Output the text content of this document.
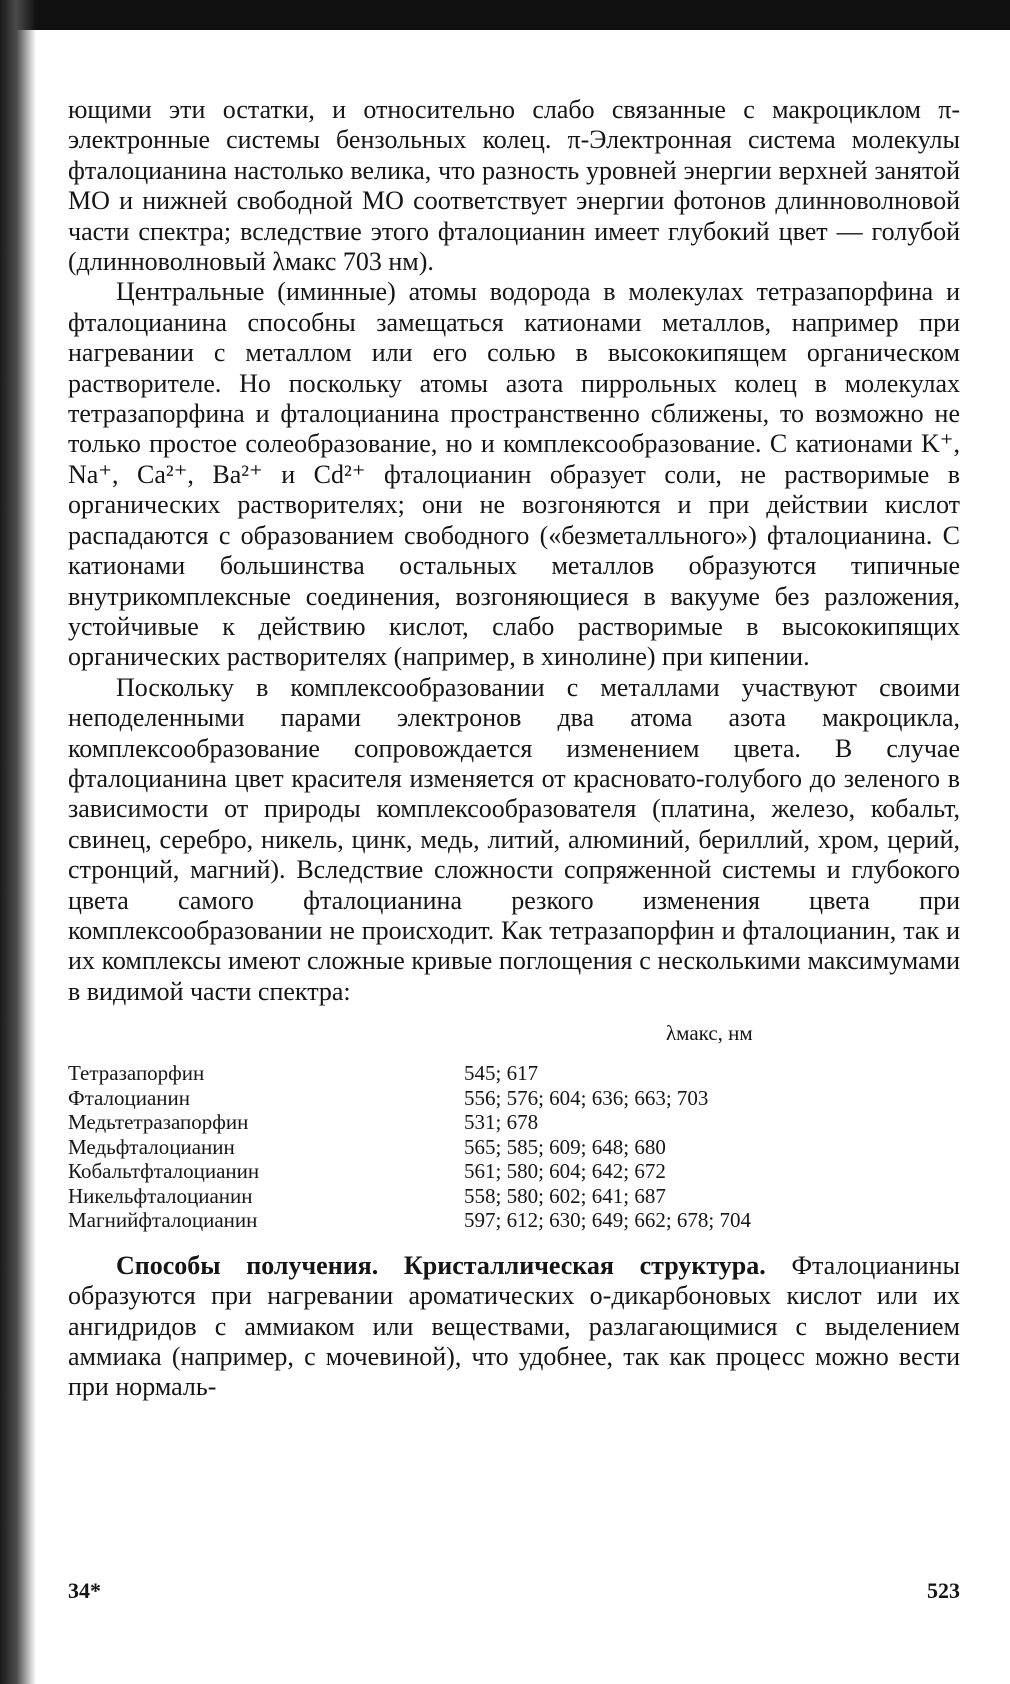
ющими эти остатки, и относительно слабо связанные с макроциклом π-электронные системы бензольных колец. π-Электронная система молекулы фталоцианина настолько велика, что разность уровней энергии верхней занятой МО и нижней свободной МО соответствует энергии фотонов длинноволновой части спектра; вследствие этого фталоцианин имеет глубокий цвет — голубой (длинноволновый λмакс 703 нм).

Центральные (иминные) атомы водорода в молекулах тетразапорфина и фталоцианина способны замещаться катионами металлов, например при нагревании с металлом или его солью в высококипящем органическом растворителе. Но поскольку атомы азота пиррольных колец в молекулах тетразапорфина и фталоцианина пространственно сближены, то возможно не только простое солеобразование, но и комплексообразование. С катионами K⁺, Na⁺, Ca²⁺, Ba²⁺ и Cd²⁺ фталоцианин образует соли, не растворимые в органических растворителях; они не возгоняются и при действии кислот распадаются с образованием свободного («безметалльного») фталоцианина. С катионами большинства остальных металлов образуются типичные внутрикомплексные соединения, возгоняющиеся в вакууме без разложения, устойчивые к действию кислот, слабо растворимые в высококипящих органических растворителях (например, в хинолине) при кипении.

Поскольку в комплексообразовании с металлами участвуют своими неподеленными парами электронов два атома азота макроцикла, комплексообразование сопровождается изменением цвета. В случае фталоцианина цвет красителя изменяется от красновато-голубого до зеленого в зависимости от природы комплексообразователя (платина, железо, кобальт, свинец, серебро, никель, цинк, медь, литий, алюминий, бериллий, хром, церий, стронций, магний). Вследствие сложности сопряженной системы и глубокого цвета самого фталоцианина резкого изменения цвета при комплексообразовании не происходит. Как тетразапорфин и фталоцианин, так и их комплексы имеют сложные кривые поглощения с несколькими максимумами в видимой части спектра:

λмакс, нм
Тетразапорфин	545; 617
Фталоцианин	556; 576; 604; 636; 663; 703
Медьтетразапорфин	531; 678
Медьфталоцианин	565; 585; 609; 648; 680
Кобальтфталоцианин	561; 580; 604; 642; 672
Никельфталоцианин	558; 580; 602; 641; 687
Магнийфталоцианин	597; 612; 630; 649; 662; 678; 704

Способы получения. Кристаллическая структура. Фталоцианины образуются при нагревании ароматических о-дикарбоновых кислот или их ангидридов с аммиаком или веществами, разлагающимися с выделением аммиака (например, с мочевиной), что удобнее, так как процесс можно вести при нормаль-

34*	523
